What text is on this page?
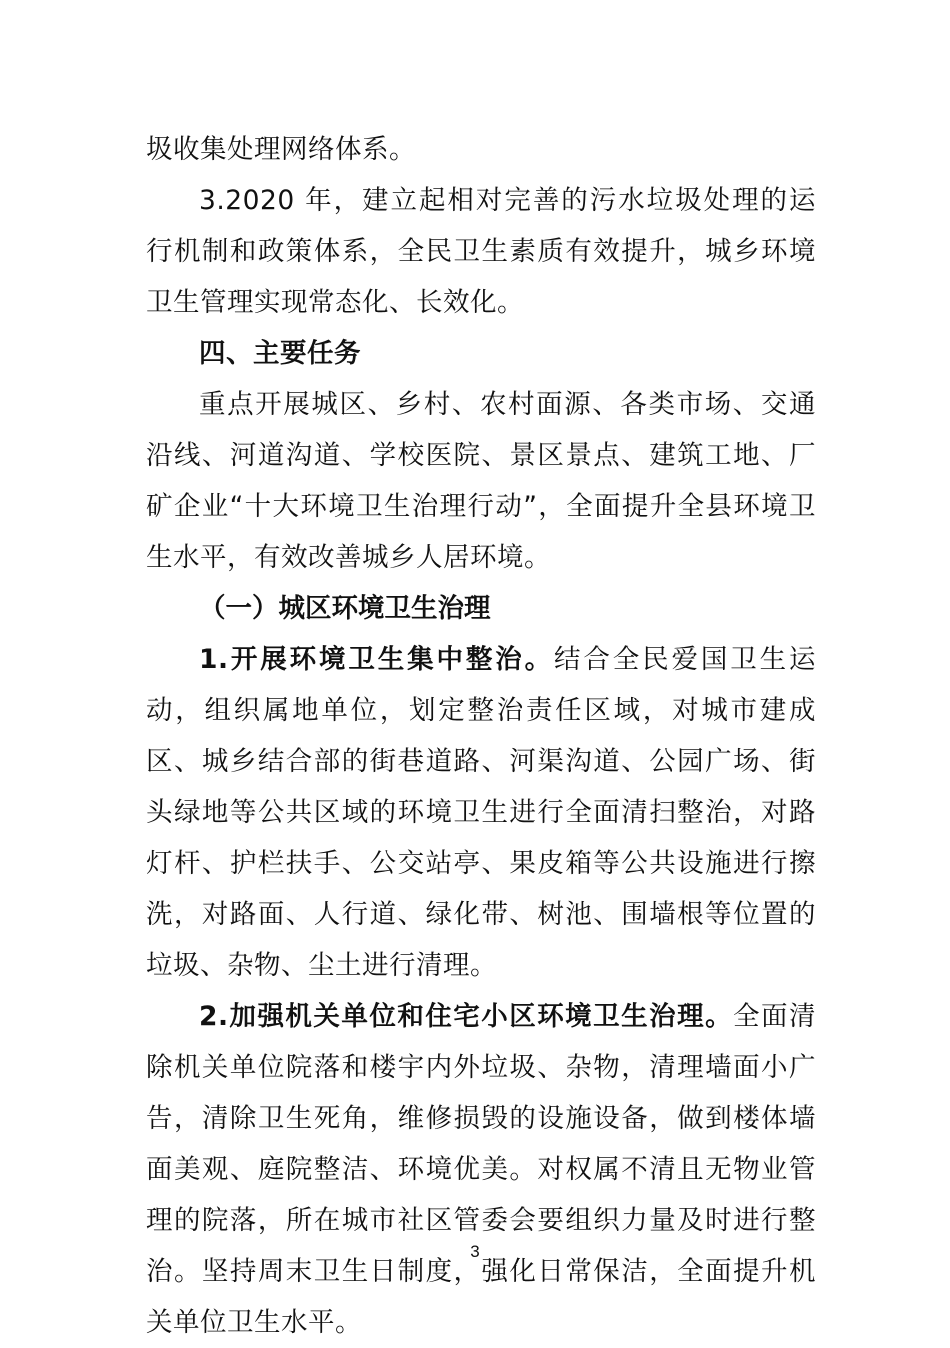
圾收集处理网络体系。

3.2020 年，建立起相对完善的污水垃圾处理的运行机制和政策体系，全民卫生素质有效提升，城乡环境卫生管理实现常态化、长效化。

四、主要任务

重点开展城区、乡村、农村面源、各类市场、交通沿线、河道沟道、学校医院、景区景点、建筑工地、厂矿企业“十大环境卫生治理行动”，全面提升全县环境卫生水平，有效改善城乡人居环境。

（一）城区环境卫生治理

1.开展环境卫生集中整治。结合全民爱国卫生运动，组织属地单位，划定整治责任区域，对城市建成区、城乡结合部的街巷道路、河渠沟道、公园广场、街头绿地等公共区域的环境卫生进行全面清扫整治，对路灯杆、护栏扶手、公交站亭、果皮箱等公共设施进行擦洗，对路面、人行道、绿化带、树池、围墙根等位置的垃圾、杂物、尘土进行清理。

2.加强机关单位和住宅小区环境卫生治理。全面清除机关单位院落和楼宇内外垃圾、杂物，清理墙面小广告，清除卫生死角，维修损毁的设施设备，做到楼体墙面美观、庭院整洁、环境优美。对权属不清且无物业管理的院落，所在城市社区管委会要组织力量及时进行整治。坚持周末卫生日制度，强化日常保洁，全面提升机关单位卫生水平。

3
